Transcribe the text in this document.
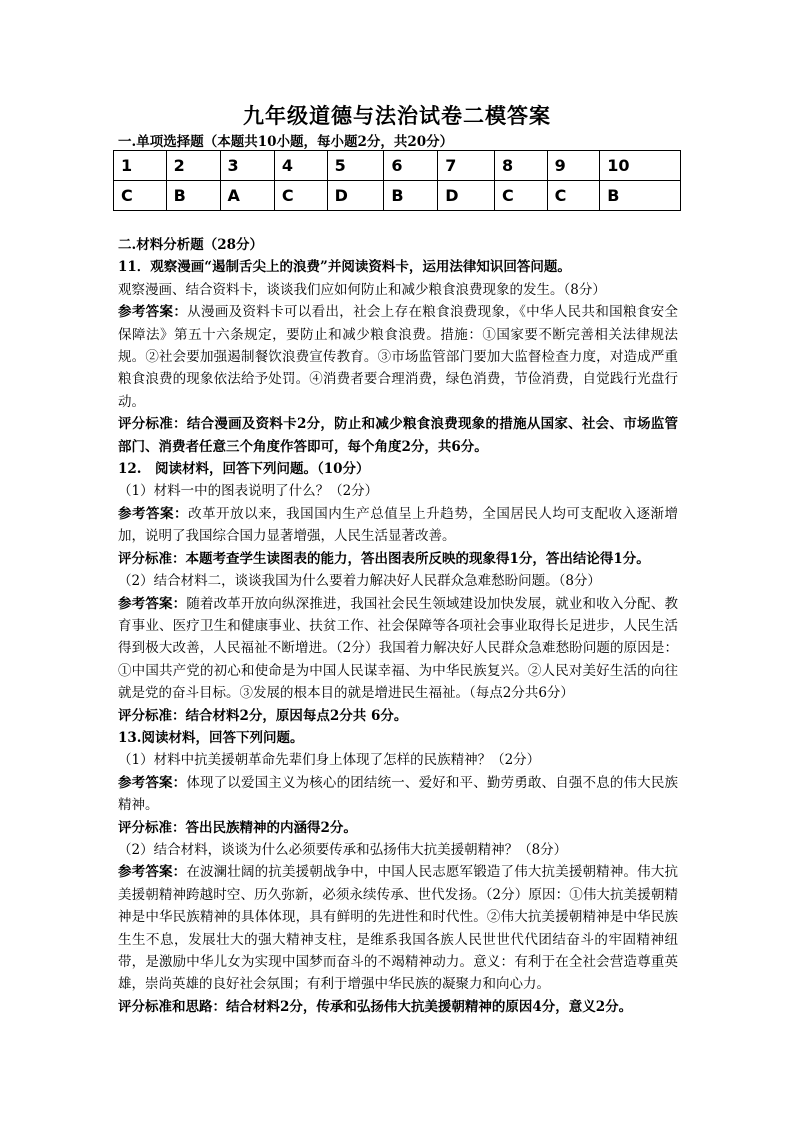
九年级道德与法治试卷二模答案
一.单项选择题（本题共10小题，每小题2分，共20分）
1	2	3	4	5	6	7	8	9	10
C	B	A	C	D	B	D	C	C	B

二.材料分析题（28分）

11．观察漫画“遏制舌尖上的浪费”并阅读资料卡，运用法律知识回答问题。

观察漫画、结合资料卡，谈谈我们应如何防止和减少粮食浪费现象的发生。（8分）

参考答案：从漫画及资料卡可以看出，社会上存在粮食浪费现象，《中华人民共和国粮食安全保障法》第五十六条规定，要防止和减少粮食浪费。措施：①国家要不断完善相关法律规法规。②社会要加强遏制餐饮浪费宣传教育。③市场监管部门要加大监督检查力度，对造成严重粮食浪费的现象依法给予处罚。④消费者要合理消费，绿色消费，节俭消费，自觉践行光盘行动。

评分标准：结合漫画及资料卡2分，防止和减少粮食浪费现象的措施从国家、社会、市场监管部门、消费者任意三个角度作答即可，每个角度2分，共6分。

12.　阅读材料，回答下列问题。（10分）

（1）材料一中的图表说明了什么？（2分）

参考答案：改革开放以来，我国国内生产总值呈上升趋势，全国居民人均可支配收入逐渐增加，说明了我国综合国力显著增强，人民生活显著改善。

评分标准：本题考查学生读图表的能力，答出图表所反映的现象得1分，答出结论得1分。

（2）结合材料二，谈谈我国为什么要着力解决好人民群众急难愁盼问题。（8分）

参考答案：随着改革开放向纵深推进，我国社会民生领域建设加快发展，就业和收入分配、教育事业、医疗卫生和健康事业、扶贫工作、社会保障等各项社会事业取得长足进步，人民生活得到极大改善，人民福祉不断增进。（2分）我国着力解决好人民群众急难愁盼问题的原因是：①中国共产党的初心和使命是为中国人民谋幸福、为中华民族复兴。②人民对美好生活的向往就是党的奋斗目标。③发展的根本目的就是增进民生福祉。（每点2分共6分）

评分标准：结合材料2分，原因每点2分共 6分。

13.阅读材料，回答下列问题。

（1）材料中抗美援朝革命先辈们身上体现了怎样的民族精神？（2分）

参考答案：体现了以爱国主义为核心的团结统一、爱好和平、勤劳勇敢、自强不息的伟大民族精神。

评分标准：答出民族精神的内涵得2分。

（2）结合材料，谈谈为什么必须要传承和弘扬伟大抗美援朝精神？（8分）

参考答案：在波澜壮阔的抗美援朝战争中，中国人民志愿军锻造了伟大抗美援朝精神。伟大抗美援朝精神跨越时空、历久弥新，必须永续传承、世代发扬。（2分）原因：①伟大抗美援朝精神是中华民族精神的具体体现，具有鲜明的先进性和时代性。②伟大抗美援朝精神是中华民族生生不息，发展壮大的强大精神支柱，是维系我国各族人民世世代代团结奋斗的牢固精神纽带，是激励中华儿女为实现中国梦而奋斗的不竭精神动力。意义：有利于在全社会营造尊重英雄，崇尚英雄的良好社会氛围；有利于增强中华民族的凝聚力和向心力。

评分标准和思路：结合材料2分，传承和弘扬伟大抗美援朝精神的原因4分，意义2分。
